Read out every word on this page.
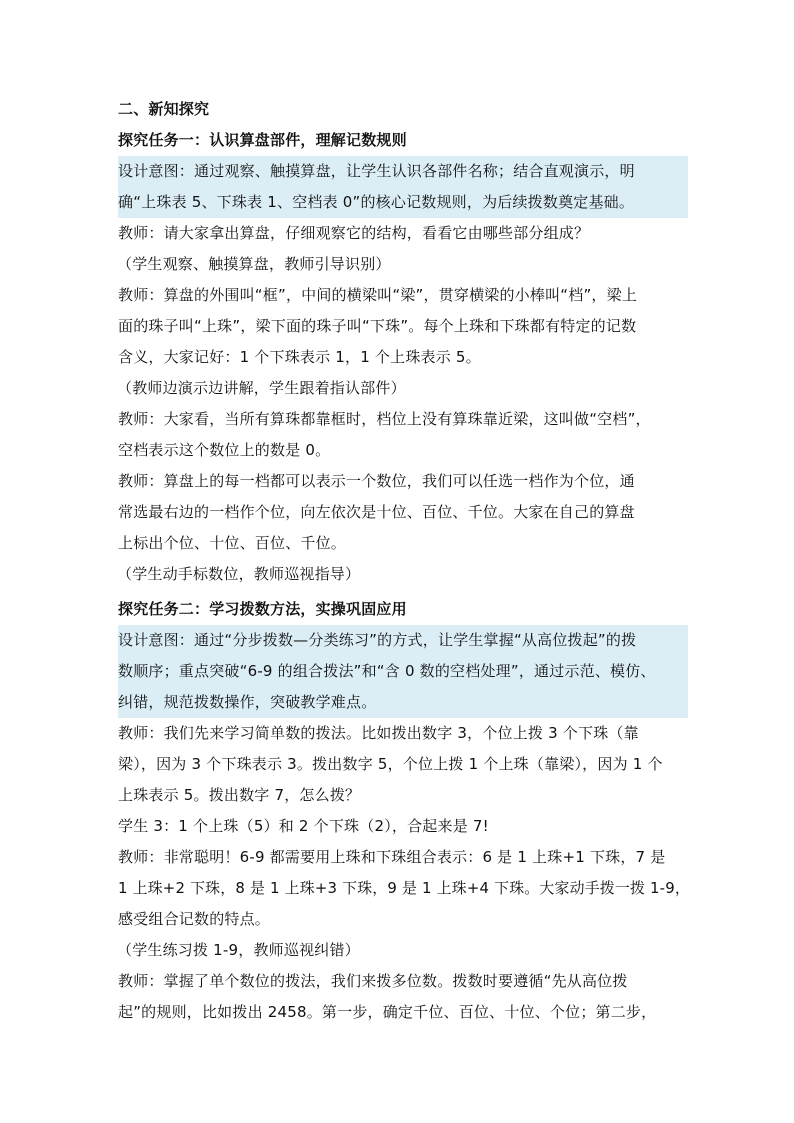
二、新知探究
探究任务一：认识算盘部件，理解记数规则
设计意图：通过观察、触摸算盘，让学生认识各部件名称；结合直观演示，明
确“上珠表 5、下珠表 1、空档表 0”的核心记数规则，为后续拨数奠定基础。
教师：请大家拿出算盘，仔细观察它的结构，看看它由哪些部分组成？
（学生观察、触摸算盘，教师引导识别）
教师：算盘的外围叫“框”，中间的横梁叫“梁”，贯穿横梁的小棒叫“档”，梁上
面的珠子叫“上珠”，梁下面的珠子叫“下珠”。每个上珠和下珠都有特定的记数
含义，大家记好：1 个下珠表示 1，1 个上珠表示 5。
（教师边演示边讲解，学生跟着指认部件）
教师：大家看，当所有算珠都靠框时，档位上没有算珠靠近梁，这叫做“空档”，
空档表示这个数位上的数是 0。
教师：算盘上的每一档都可以表示一个数位，我们可以任选一档作为个位，通
常选最右边的一档作个位，向左依次是十位、百位、千位。大家在自己的算盘
上标出个位、十位、百位、千位。
（学生动手标数位，教师巡视指导）
探究任务二：学习拨数方法，实操巩固应用
设计意图：通过“分步拨数—分类练习”的方式，让学生掌握“从高位拨起”的拨
数顺序；重点突破“6-9 的组合拨法”和“含 0 数的空档处理”，通过示范、模仿、
纠错，规范拨数操作，突破教学难点。
教师：我们先来学习简单数的拨法。比如拨出数字 3，个位上拨 3 个下珠（靠
梁），因为 3 个下珠表示 3。拨出数字 5，个位上拨 1 个上珠（靠梁），因为 1 个
上珠表示 5。拨出数字 7，怎么拨？
学生 3：1 个上珠（5）和 2 个下珠（2），合起来是 7!
教师：非常聪明！6-9 都需要用上珠和下珠组合表示：6 是 1 上珠+1 下珠，7 是
1 上珠+2 下珠，8 是 1 上珠+3 下珠，9 是 1 上珠+4 下珠。大家动手拨一拨 1-9，
感受组合记数的特点。
（学生练习拨 1-9，教师巡视纠错）
教师：掌握了单个数位的拨法，我们来拨多位数。拨数时要遵循“先从高位拨
起”的规则，比如拨出 2458。第一步，确定千位、百位、十位、个位；第二步，
